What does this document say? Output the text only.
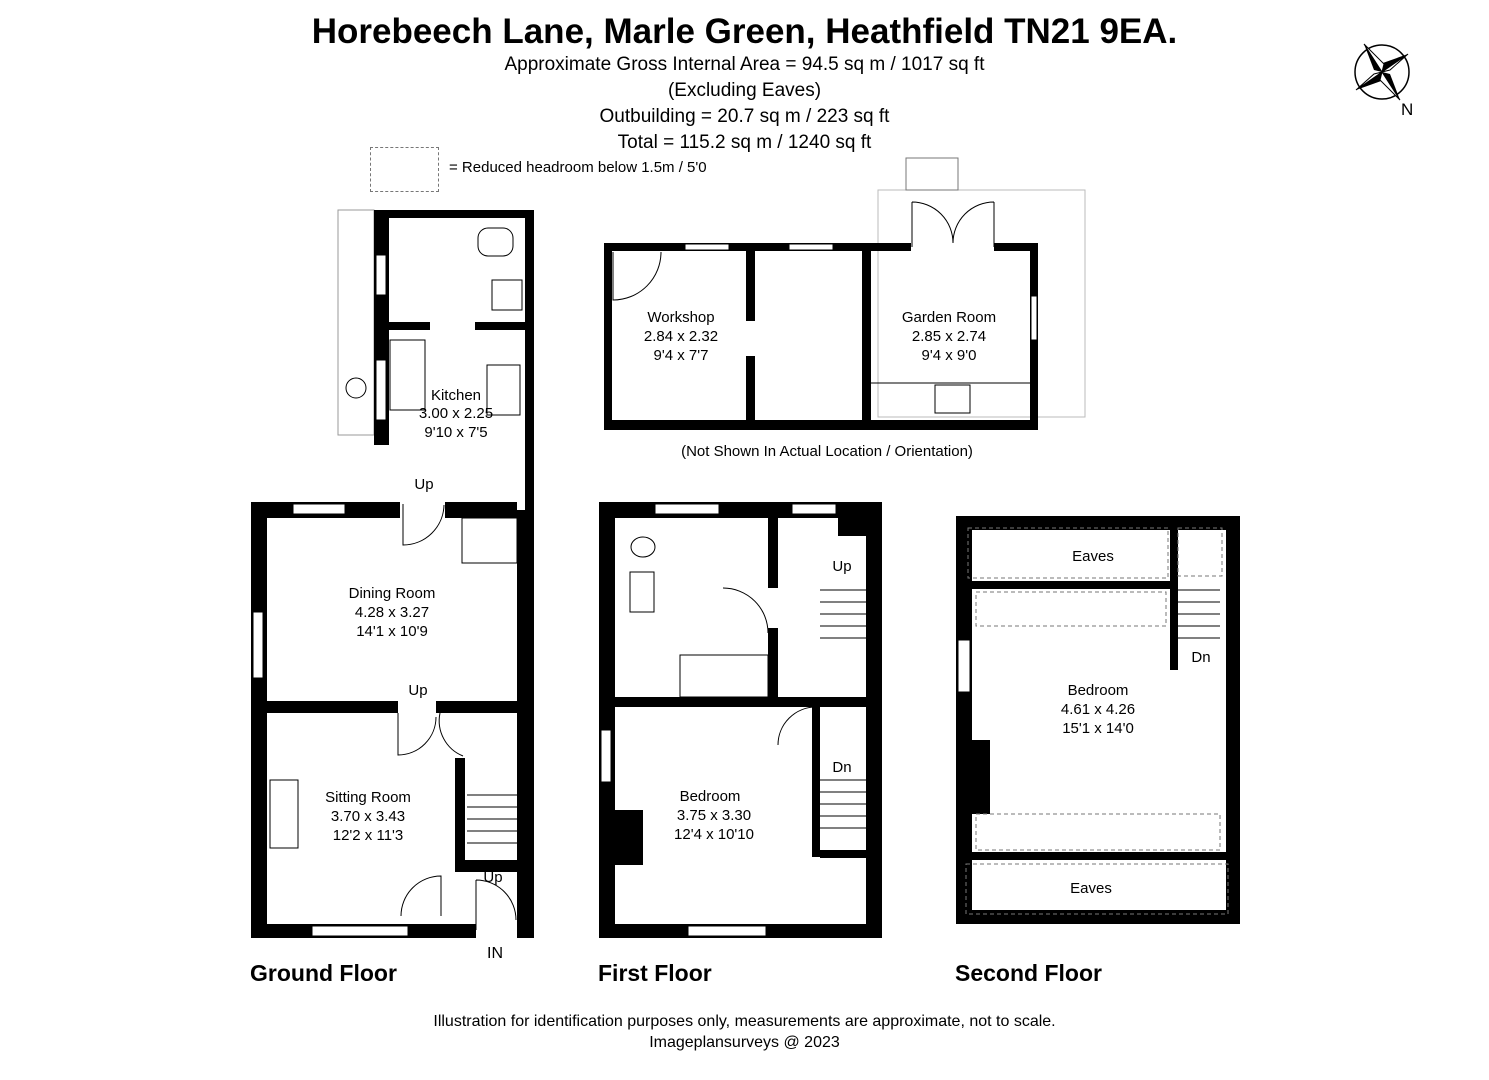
Horebeech Lane, Marle Green, Heathfield TN21 9EA.
Approximate Gross Internal Area = 94.5 sq m / 1017 sq ft
(Excluding Eaves)
Outbuilding = 20.7 sq m / 223 sq ft
Total = 115.2 sq m / 1240 sq ft
= Reduced headroom below 1.5m / 5'0
N
Workshop
2.84 x 2.32
9'4 x 7'7
Garden Room
2.85 x 2.74
9'4 x 9'0
(Not Shown In Actual Location / Orientation)
Kitchen
3.00 x 2.25
9'10 x 7'5
Up
Dining Room
4.28 x 3.27
14'1 x 10'9
Up
Sitting Room
3.70 x 3.43
12'2 x 11'3
Up
IN
Bedroom
3.75 x 3.30
12'4 x 10'10
Up
Dn
Eaves
Bedroom
4.61 x 4.26
15'1 x 14'0
Dn
Eaves
Ground Floor	First Floor	Second Floor
Illustration for identification purposes only, measurements are approximate, not to scale.
Imageplansurveys @ 2023
